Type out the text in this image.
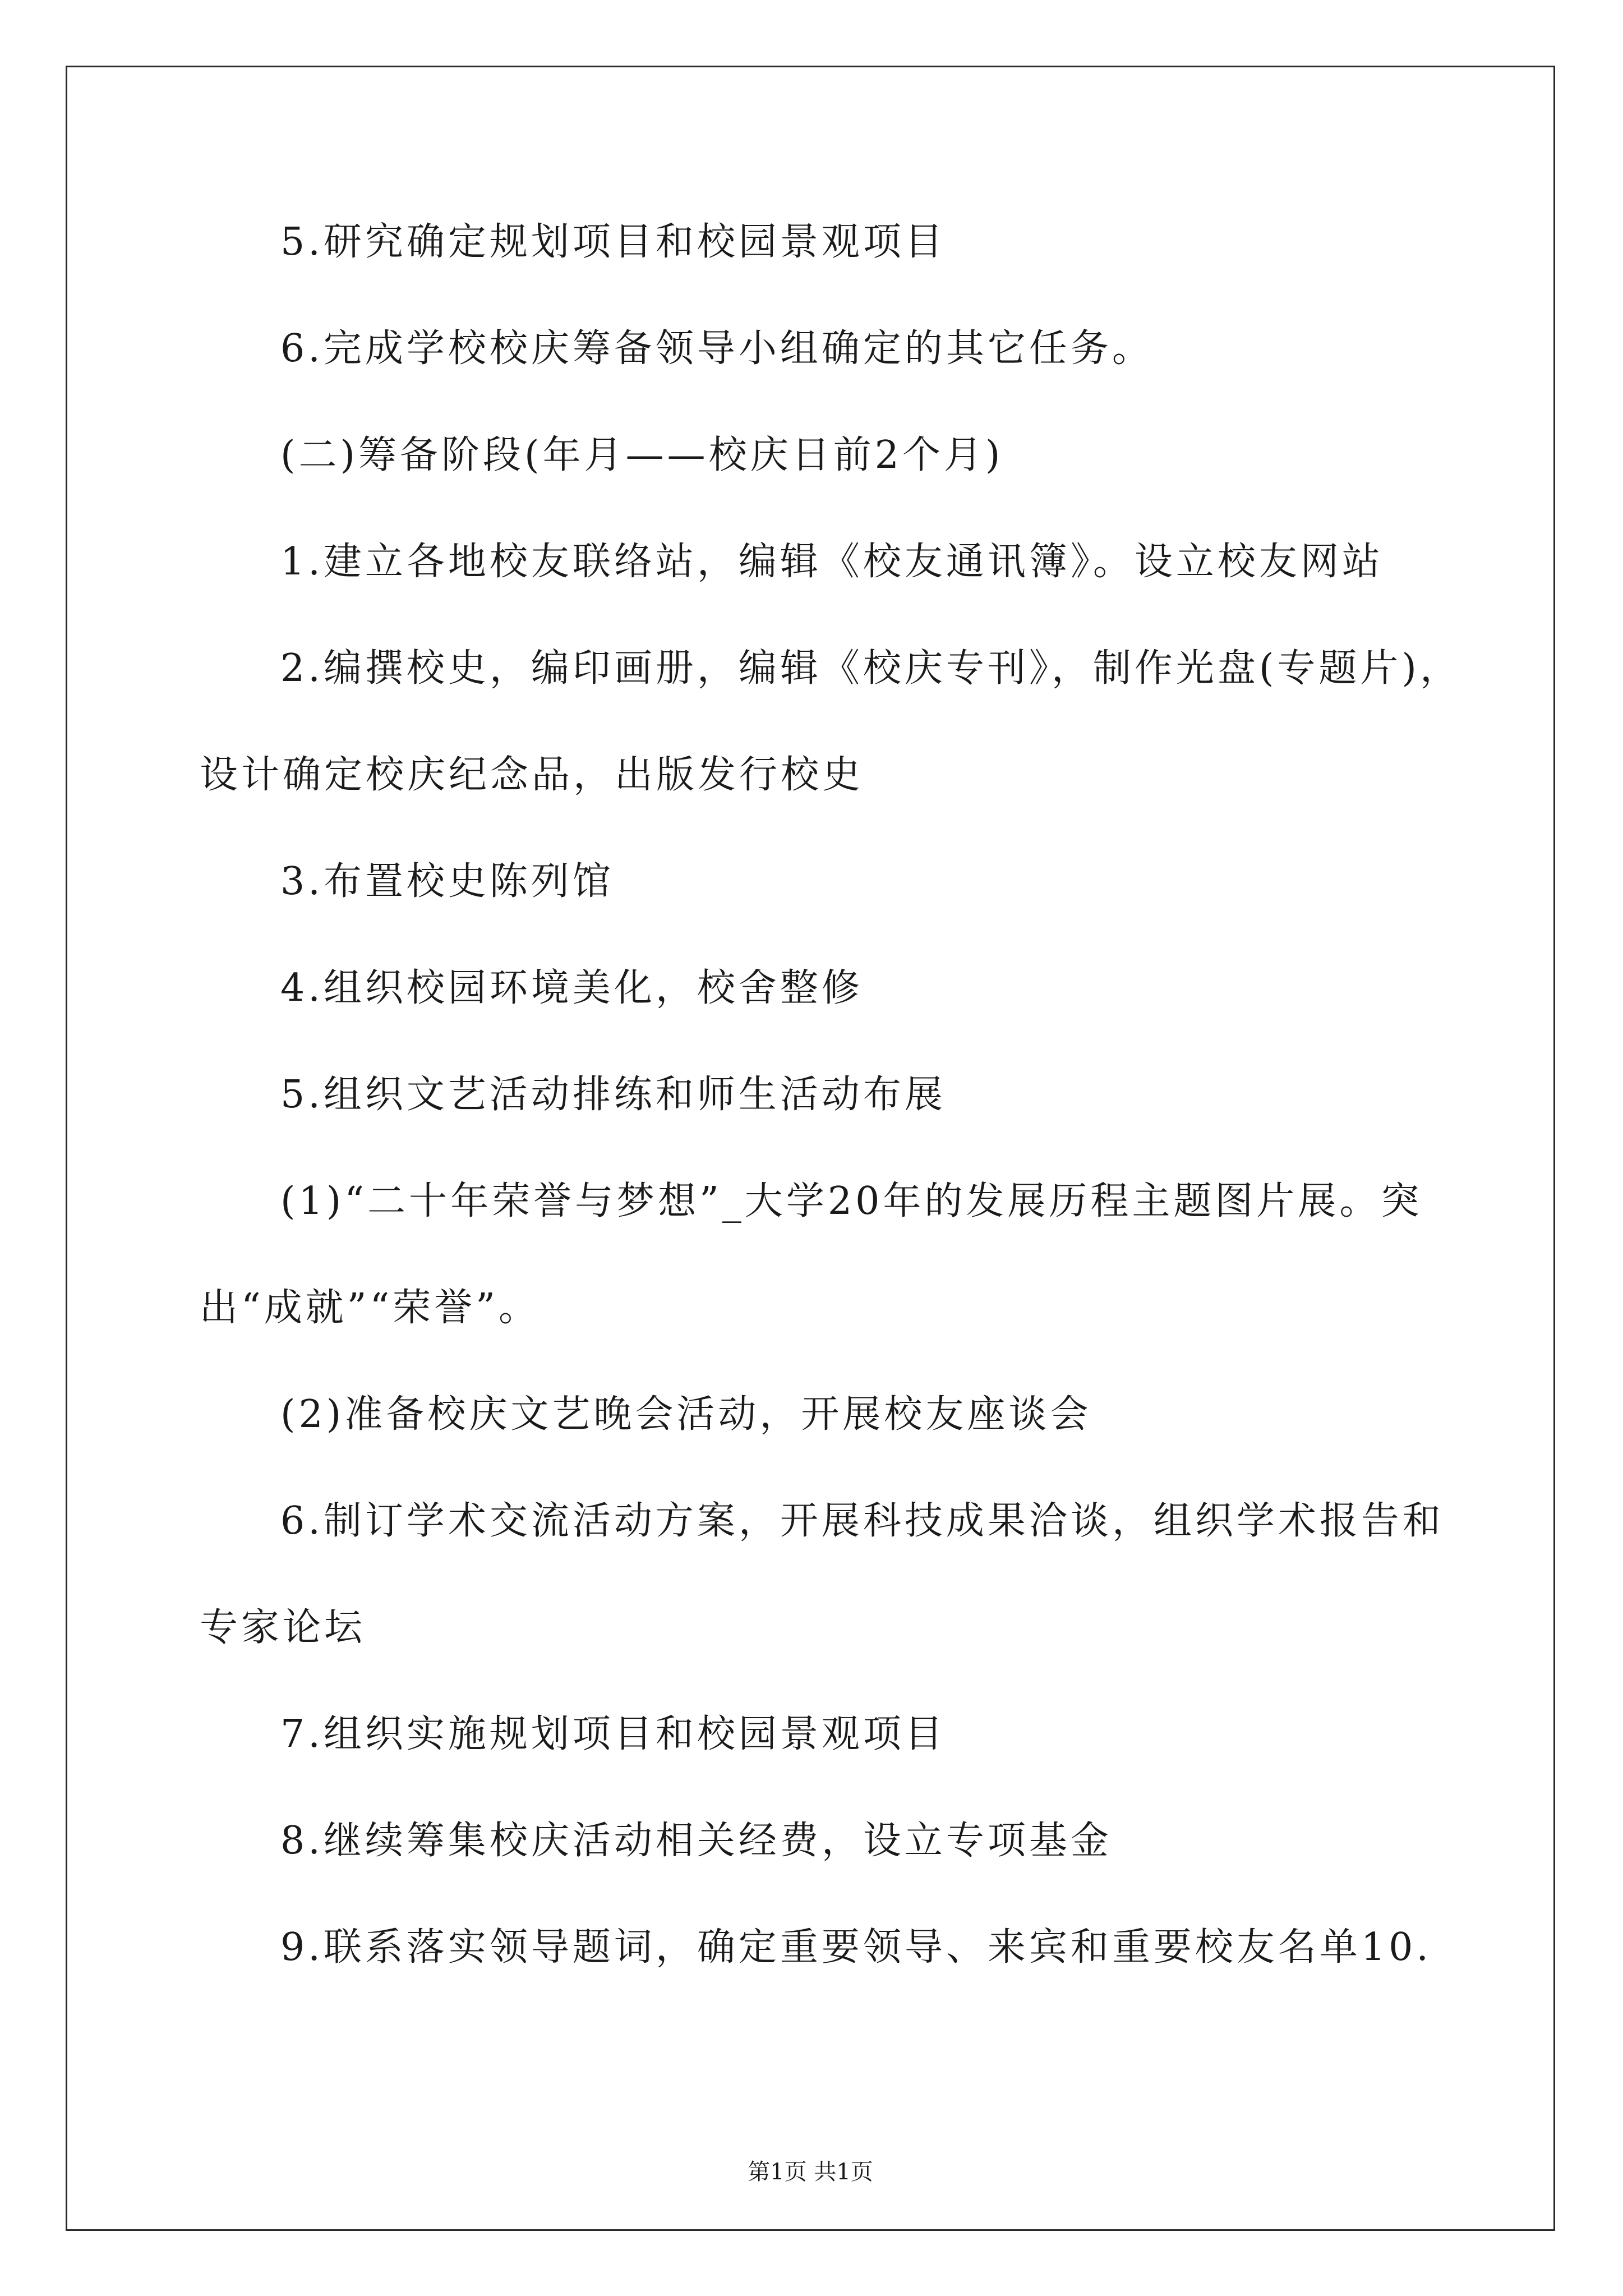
5.研究确定规划项目和校园景观项目
6.完成学校校庆筹备领导小组确定的其它任务。
(二)筹备阶段(年月——校庆日前2个月)
1.建立各地校友联络站，编辑《校友通讯簿》。设立校友网站
2.编撰校史，编印画册，编辑《校庆专刊》，制作光盘(专题片)，
设计确定校庆纪念品，出版发行校史
3.布置校史陈列馆
4.组织校园环境美化，校舍整修
5.组织文艺活动排练和师生活动布展
(1)“二十年荣誉与梦想”_大学20年的发展历程主题图片展。突
出“成就”“荣誉”。
(2)准备校庆文艺晚会活动，开展校友座谈会
6.制订学术交流活动方案，开展科技成果洽谈，组织学术报告和
专家论坛
7.组织实施规划项目和校园景观项目
8.继续筹集校庆活动相关经费，设立专项基金
9.联系落实领导题词，确定重要领导、来宾和重要校友名单10.
第1页 共1页
